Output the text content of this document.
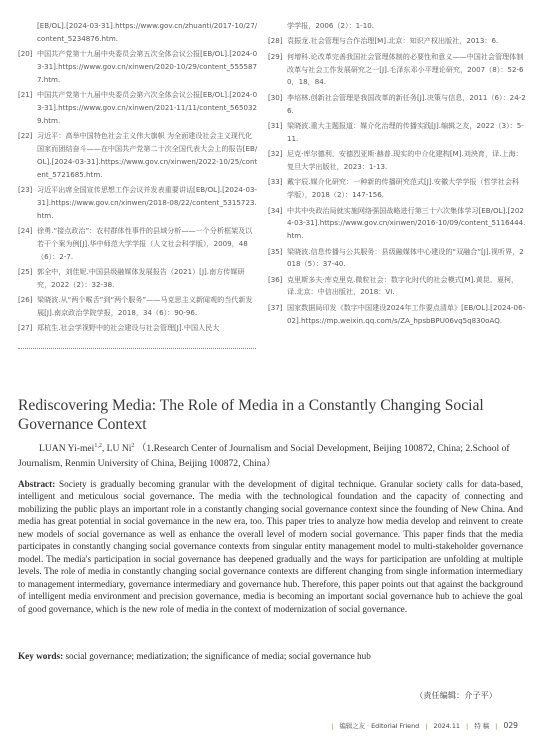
[EB/OL].[2024-03-31].https://www.gov.cn/zhuanti/2017-10/27/content_5234876.htm.
[20] 中国共产党第十九届中央委员会第五次全体会议公报[EB/OL].[2024-03-31].https://www.gov.cn/xinwen/2020-10/29/content_5555877.htm.
[21] 中国共产党第十九届中央委员会第六次全体会议公报[EB/OL].[2024-03-31].https://www.gov.cn/xinwen/2021-11/11/content_5650329.htm.
[22] 习近平：高举中国特色社会主义伟大旗帜 为全面建设社会主义现代化国家而团结奋斗——在中国共产党第二十次全国代表大会上的报告[EB/OL].[2024-03-31].https://www.gov.cn/xinwen/2022-10/25/content_5721685.htm.
[23] 习近平出席全国宣传思想工作会议并发表重要讲话[EB/OL].[2024-03-31].https://www.gov.cn/xinwen/2018-08/22/content_5315723.htm.
[24] 徐勇.“接点政治”：农村群体性事件的县域分析——一个分析框架及以若干个案为例[J].华中师范大学学报（人文社会科学版），2009，48（6）：2-7.
[25] 郭全中，刘佳妮.中国县级融媒体发展报告（2021）[J].南方传媒研究，2022（2）：32-38.
[26] 梁晓波.从“两个喉舌”到“两个服务”——马克思主义新闻观的当代新发展[J].南京政治学院学报，2018，34（6）：90-96.
[27] 郑杭生.社会学视野中的社会建设与社会管理[J].中国人民大
学学报，2006（2）：1-10.
[28] 袁振龙.社会管理与合作治理[M].北京：知识产权出版社，2013：6.
[29] 何增科.论改革完善我国社会管理体制的必要性和意义——中国社会管理体制改革与社会工作发展研究之一[J].毛泽东邓小平理论研究，2007（8）：52-60，18，84.
[30] 李培林.创新社会管理是我国改革的新任务[J].决策与信息，2011（6）：24-26.
[31] 梁晓波.重大主题报道：媒介化治理的传播实践[J].编辑之友，2022（3）：5-11.
[32] 尼克·库尔德利，安德烈亚斯·赫普.现实的中介化建构[M].刘泱育，译.上海：复旦大学出版社，2023：1-13.
[33] 戴宇辰.媒介化研究：一种新的传播研究范式[J].安徽大学学报（哲学社会科学版），2018（2）：147-156.
[34] 中共中央政治局就实施网络强国战略进行第三十六次集体学习[EB/OL].[2024-03-31].https://www.gov.cn/xinwen/2016-10/09/content_5116444.htm.
[35] 梁晓波.信息传播与公共服务：县级融媒体中心建设的“双融合”[J].视听界，2018（5）：37-40.
[36] 克里斯多夫·库克里克.微粒社会：数字化时代的社会模式[M].黄昆，夏柯，译.北京：中信出版社，2018：VI.
[37] 国家数据局印发《数字中国建设2024年工作要点清单》[EB/OL].[2024-06-02].https://mp.weixin.qq.com/s/ZA_hpsbBPU06vq5q830oAQ.
Rediscovering Media: The Role of Media in a Constantly Changing Social Governance Context
LUAN Yi-mei$^{1,2}$, LU Ni$^2$ （1.Research Center of Journalism and Social Development, Beijing 100872, China; 2.School of Journalism, Renmin University of China, Beijing 100872, China）
Abstract: Society is gradually becoming granular with the development of digital technique. Granular society calls for data-based, intelligent and meticulous social governance. The media with the technological foundation and the capacity of connecting and mobilizing the public plays an important role in a constantly changing social governance context since the founding of New China. And media has great potential in social governance in the new era, too. This paper tries to analyze how media develop and reinvent to create new models of social governance as well as enhance the overall level of modern social governance. This paper finds that the media participates in constantly changing social governance contexts from singular entity management model to multi-stakeholder governance model. The media's participation in social governance has deepened gradually and the ways for participation are unfolding at multiple levels. The role of media in constantly changing social governance contexts are different changing from single information intermediary to management intermediary, governance intermediary and governance hub. Therefore, this paper points out that against the background of intelligent media environment and precision governance, media is becoming an important social governance hub to achieve the goal of good governance, which is the new role of media in the context of modernization of social governance.
Key words: social governance; mediatization; the significance of media; social governance hub
（责任编辑：介子平）
| 编辑之友 · Editorial Friend | 2024.11 | 特 稿 | 029
